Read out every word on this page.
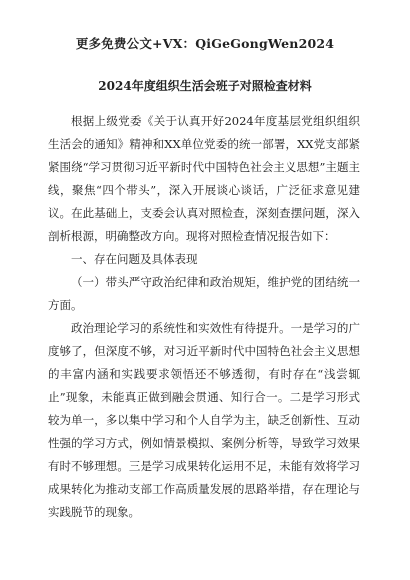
更多免费公文+VX：QiGeGongWen2024
2024年度组织生活会班子对照检查材料

根据上级党委《关于认真开好2024年度基层党组织组织生活会的通知》精神和XX单位党委的统一部署，XX党支部紧紧围绕“学习贯彻习近平新时代中国特色社会主义思想”主题主线，聚焦“四个带头”，深入开展谈心谈话，广泛征求意见建议。在此基础上，支委会认真对照检查，深刻查摆问题，深入剖析根源，明确整改方向。现将对照检查情况报告如下：

一、存在问题及具体表现

（一）带头严守政治纪律和政治规矩，维护党的团结统一方面。

政治理论学习的系统性和实效性有待提升。一是学习的广度够了，但深度不够，对习近平新时代中国特色社会主义思想的丰富内涵和实践要求领悟还不够透彻，有时存在“浅尝辄止”现象，未能真正做到融会贯通、知行合一。二是学习形式较为单一，多以集中学习和个人自学为主，缺乏创新性、互动性强的学习方式，例如情景模拟、案例分析等，导致学习效果有时不够理想。三是学习成果转化运用不足，未能有效将学习成果转化为推动支部工作高质量发展的思路举措，存在理论与实践脱节的现象。
